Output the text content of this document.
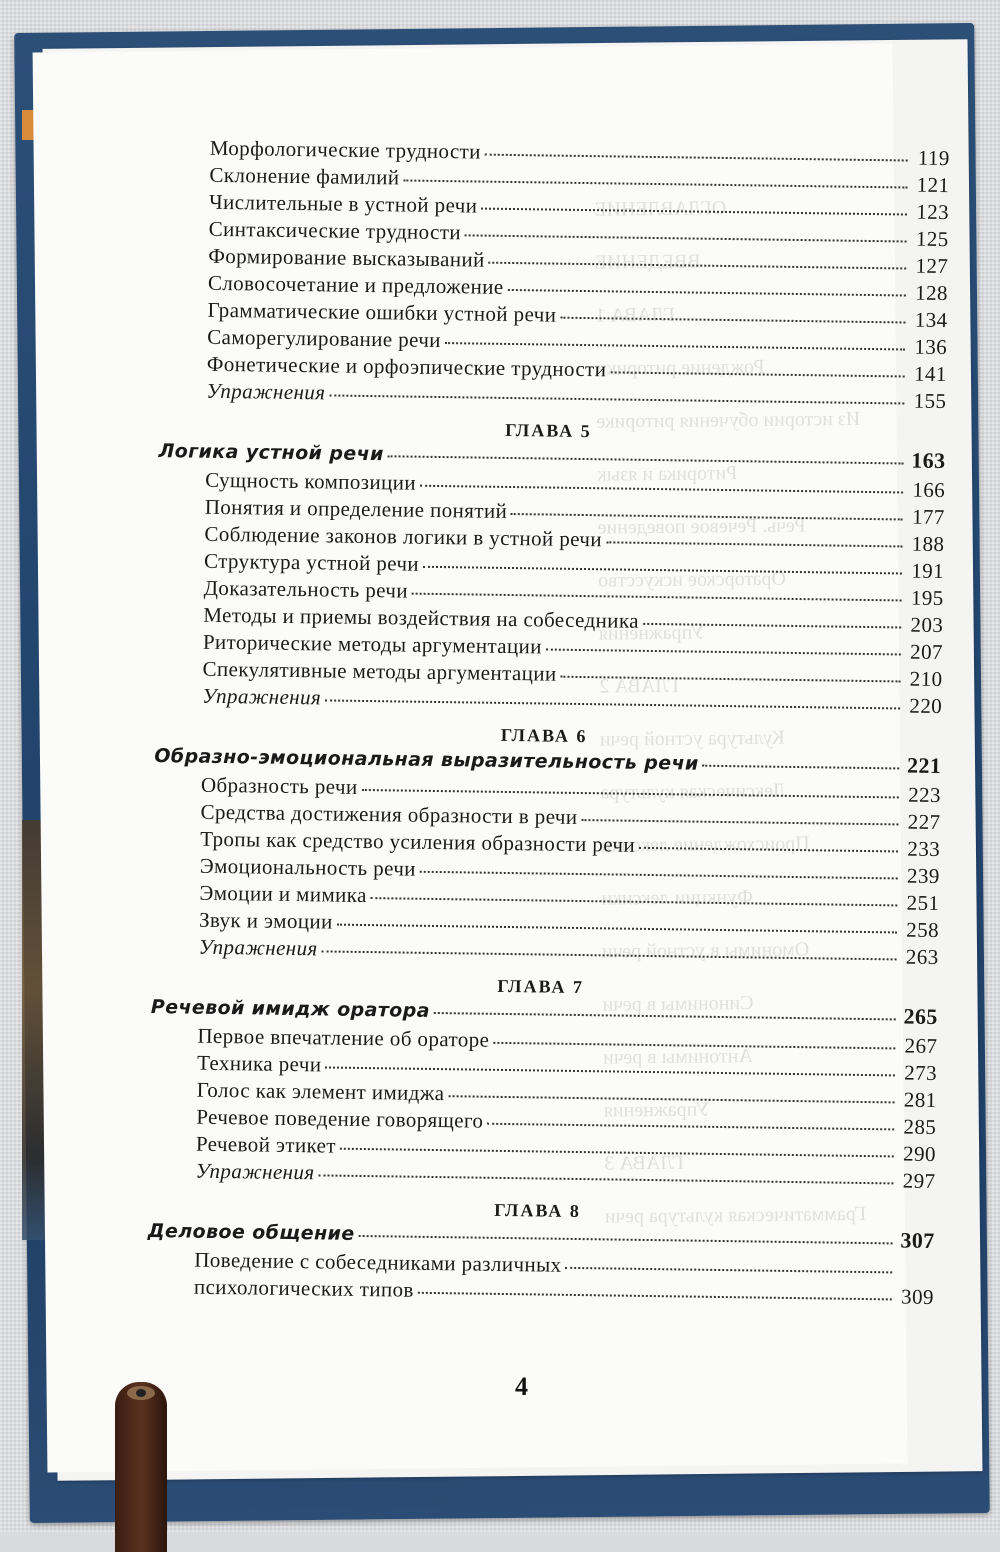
ОГЛАВЛЕНИЕ
ВВЕДЕНИЕ
ГЛАВА 1
Рождение риторики
Из истории обучения риторике
Риторика и язык
Речь. Речевое поведение
Ораторское искусство
Упражнения
ГЛАВА 2
Культура устной речи
Лексическая культура
Происхождение лексики
Функции лексики
Омонимы в устной речи
Синонимы в речи
Антонимы в речи
Упражнения
ГЛАВА 3
Грамматическая культура речи
Морфологические трудности	119
Склонение фамилий	121
Числительные в устной речи	123
Синтаксические трудности	125
Формирование высказываний	127
Словосочетание и предложение	128
Грамматические ошибки устной речи	134
Саморегулирование речи	136
Фонетические и орфоэпические трудности	141
Упражнения	155
ГЛАВА 5
Логика устной речи	163
Сущность композиции	166
Понятия и определение понятий	177
Соблюдение законов логики в устной речи	188
Структура устной речи	191
Доказательность речи	195
Методы и приемы воздействия на собеседника	203
Риторические методы аргументации	207
Спекулятивные методы аргументации	210
Упражнения	220
ГЛАВА 6
Образно-эмоциональная выразительность речи	221
Образность речи	223
Средства достижения образности в речи	227
Тропы как средство усиления образности речи	233
Эмоциональность речи	239
Эмоции и мимика	251
Звук и эмоции	258
Упражнения	263
ГЛАВА 7
Речевой имидж оратора	265
Первое впечатление об ораторе	267
Техника речи	273
Голос как элемент имиджа	281
Речевое поведение говорящего	285
Речевой этикет	290
Упражнения	297
ГЛАВА 8
Деловое общение	307
Поведение с собеседниками различных
психологических типов	309
4
